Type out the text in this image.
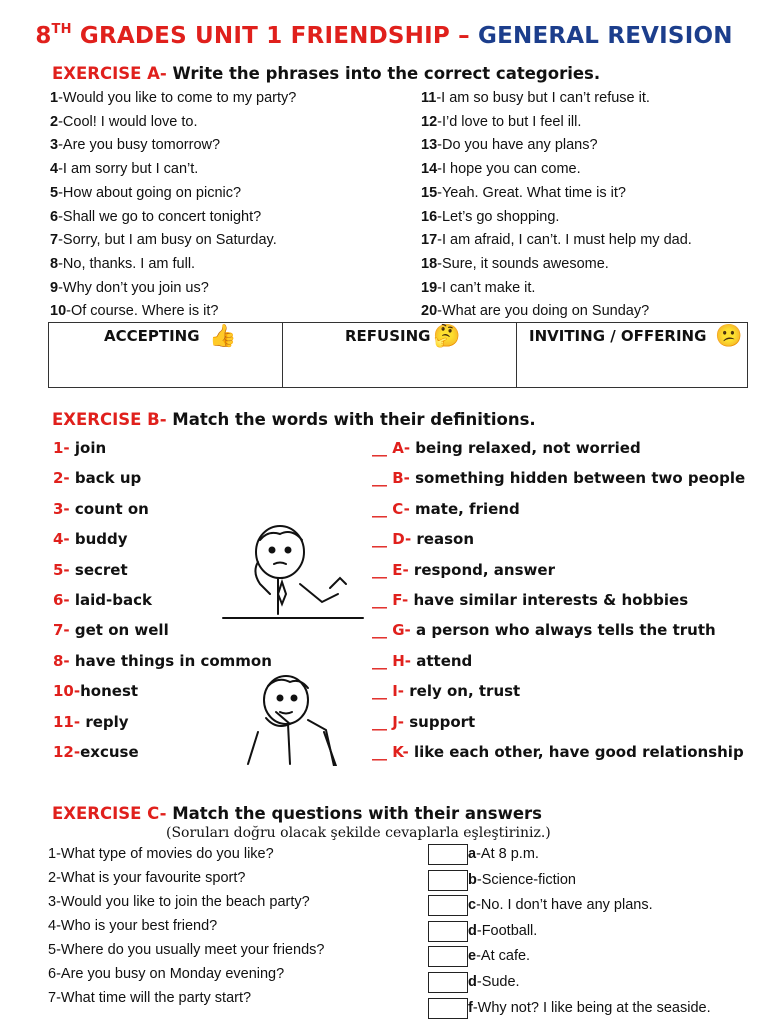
8TH GRADES UNIT 1 FRIENDSHIP – GENERAL REVISION
EXERCISE A- Write the phrases into the correct categories.
1-Would you like to come to my party?
2-Cool! I would love to.
3-Are you busy tomorrow?
4-I am sorry but I can’t.
5-How about going on picnic?
6-Shall we go to concert tonight?
7-Sorry, but I am busy on Saturday.
8-No, thanks. I am full.
9-Why don’t you join us?
10-Of course. Where is it?
11-I am so busy but I can’t refuse it.
12-I’d love to but I feel ill.
13-Do you have any plans?
14-I hope you can come.
15-Yeah. Great. What time is it?
16-Let’s go shopping.
17-I am afraid, I can’t. I must help my dad.
18-Sure, it sounds awesome.
19-I can’t make it.
20-What are you doing on Sunday?
ACCEPTING 👍	REFUSING 🤔	INVITING / OFFERING 😕
EXERCISE B- Match the words with their definitions.
1- join
2- back up
3- count on
4- buddy
5- secret
6- laid-back
7- get on well
8- have things in common
10-honest
11- reply
12-excuse
__ A- being relaxed, not worried
__ B- something hidden between two people
__ C- mate, friend
__ D- reason
__ E- respond, answer
__ F- have similar interests & hobbies
__ G- a person who always tells the truth
__ H- attend
__ I- rely on, trust
__ J- support
__ K- like each other, have good relationship
EXERCISE C- Match the questions with their answers
(Soruları doğru olacak şekilde cevaplarla eşleştiriniz.)
1-What type of movies do you like?
2-What is your favourite sport?
3-Would you like to join the beach party?
4-Who is your best friend?
5-Where do you usually meet your friends?
6-Are you busy on Monday evening?
7-What time will the party start?
a-At 8 p.m.
b-Science-fiction
c-No. I don’t have any plans.
d-Football.
e-At cafe.
d-Sude.
f-Why not? I like being at the seaside.
